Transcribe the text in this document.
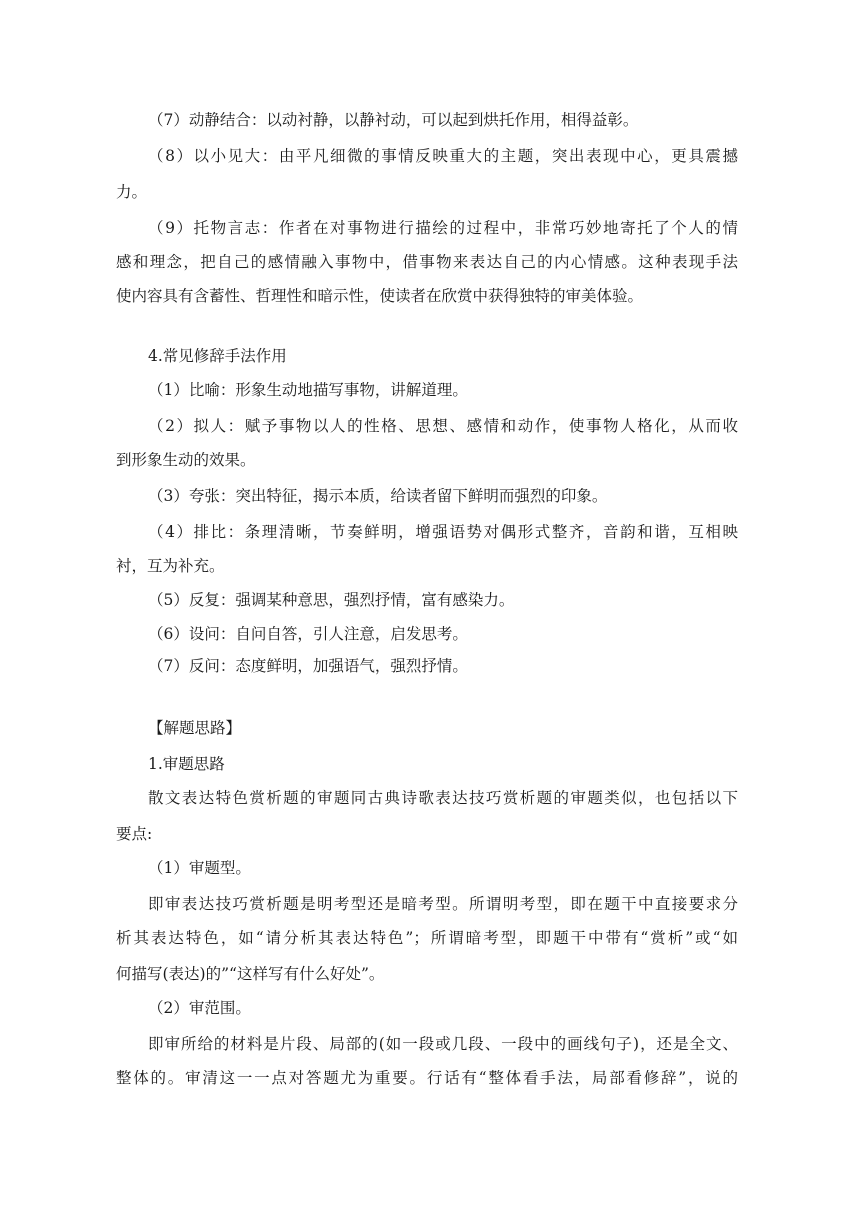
（7）动静结合：以动衬静，以静衬动，可以起到烘托作用，相得益彰。
（8）以小见大：由平凡细微的事情反映重大的主题，突出表现中心，更具震撼
力。
（9）托物言志：作者在对事物进行描绘的过程中，非常巧妙地寄托了个人的情
感和理念，把自己的感情融入事物中，借事物来表达自己的内心情感。这种表现手法
使内容具有含蓄性、哲理性和暗示性，使读者在欣赏中获得独特的审美体验。
4.常见修辞手法作用
（1）比喻：形象生动地描写事物，讲解道理。
（2）拟人：赋予事物以人的性格、思想、感情和动作，使事物人格化，从而收
到形象生动的效果。
（3）夸张：突出特征，揭示本质，给读者留下鲜明而强烈的印象。
（4）排比：条理清晰，节奏鲜明，增强语势对偶形式整齐，音韵和谐，互相映
衬，互为补充。
（5）反复：强调某种意思，强烈抒情，富有感染力。
（6）设问：自问自答，引人注意，启发思考。
（7）反问：态度鲜明，加强语气，强烈抒情。
【解题思路】
1.审题思路
散文表达特色赏析题的审题同古典诗歌表达技巧赏析题的审题类似，也包括以下
要点:
（1）审题型。
即审表达技巧赏析题是明考型还是暗考型。所谓明考型，即在题干中直接要求分
析其表达特色，如“请分析其表达特色”；所谓暗考型，即题干中带有“赏析”或“如
何描写(表达)的”“这样写有什么好处”。
（2）审范围。
即审所给的材料是片段、局部的(如一段或几段、一段中的画线句子)，还是全文、
整体的。审清这一一点对答题尤为重要。行话有“整体看手法，局部看修辞”，说的
